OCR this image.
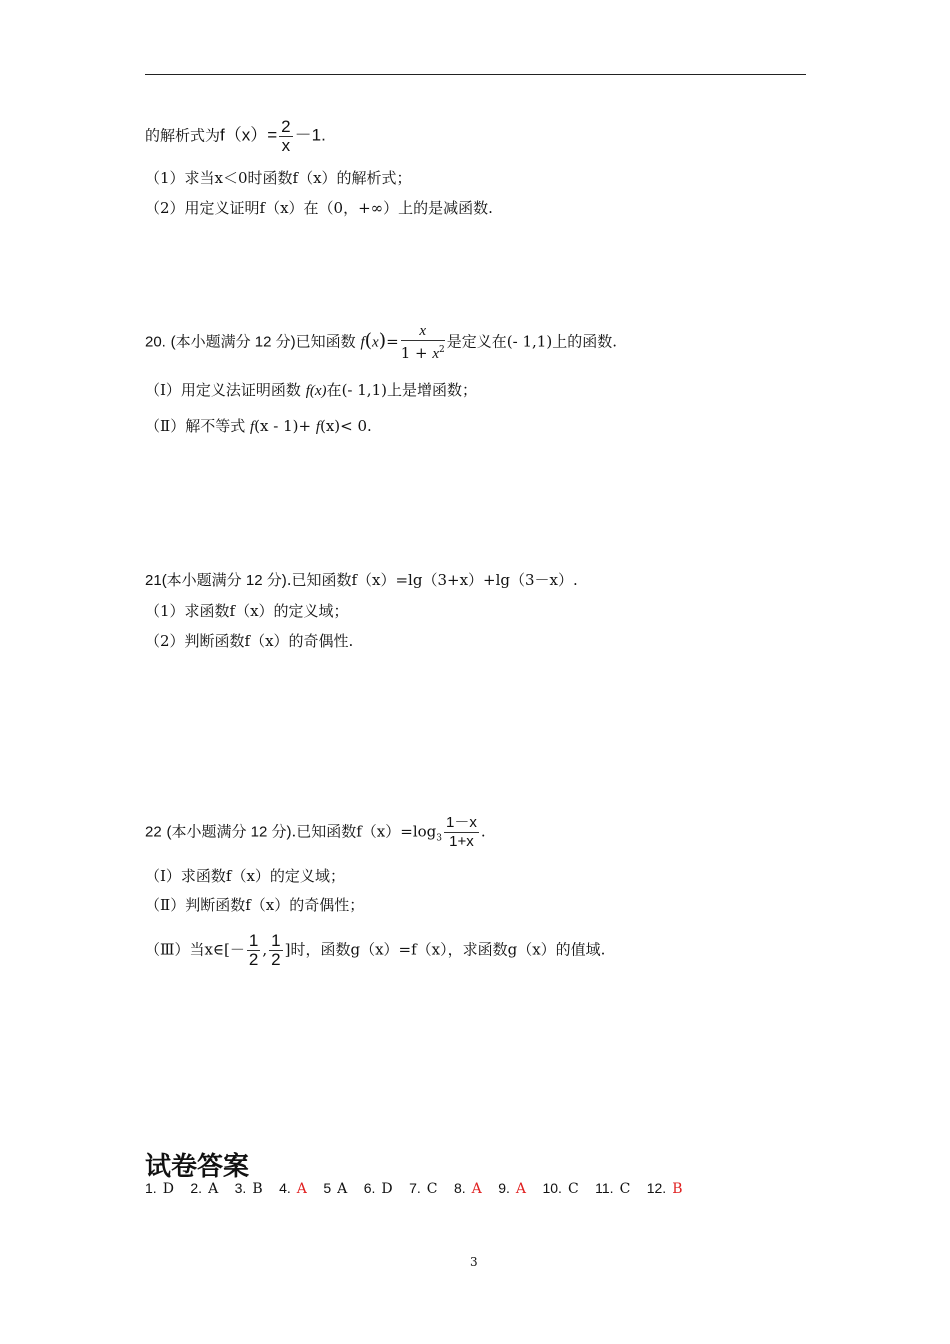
的解析式为$f(x)= \frac{2}{x} -1$.
（1）求当x＜0时函数f（x）的解析式；
（2）用定义证明f（x）在（0，+∞）上的是减函数.
20. (本小题满分 12 分)已知函数 $f(x)= \frac{x}{1 + x^2}$ 是定义在(- 1,1)上的函数.
（Ⅰ）用定义法证明函数 f(x)在(- 1,1)上是增函数；
（Ⅱ）解不等式 f(x - 1)+ f(x)< 0.
21(本小题满分 12 分).已知函数f（x）=lg（3+x）+lg（3－x）.
（1）求函数f（x）的定义域；
（2）判断函数f（x）的奇偶性.
22 (本小题满分 12 分).已知函数$f(x)=\log_3 \frac{1-x}{1+x}$ .
（Ⅰ）求函数f（x）的定义域；
（Ⅱ）判断函数f（x）的奇偶性；
（Ⅲ）当x∈[－ $\frac{1}{2}$ , $\frac{1}{2}$ ]时，函数g（x）=f（x），求函数g（x）的值域.
试卷答案
1. D 2. A 3. B 4. A 5 A 6. D 7. C 8. A 9. A 10. C 11. C 12. B
3
